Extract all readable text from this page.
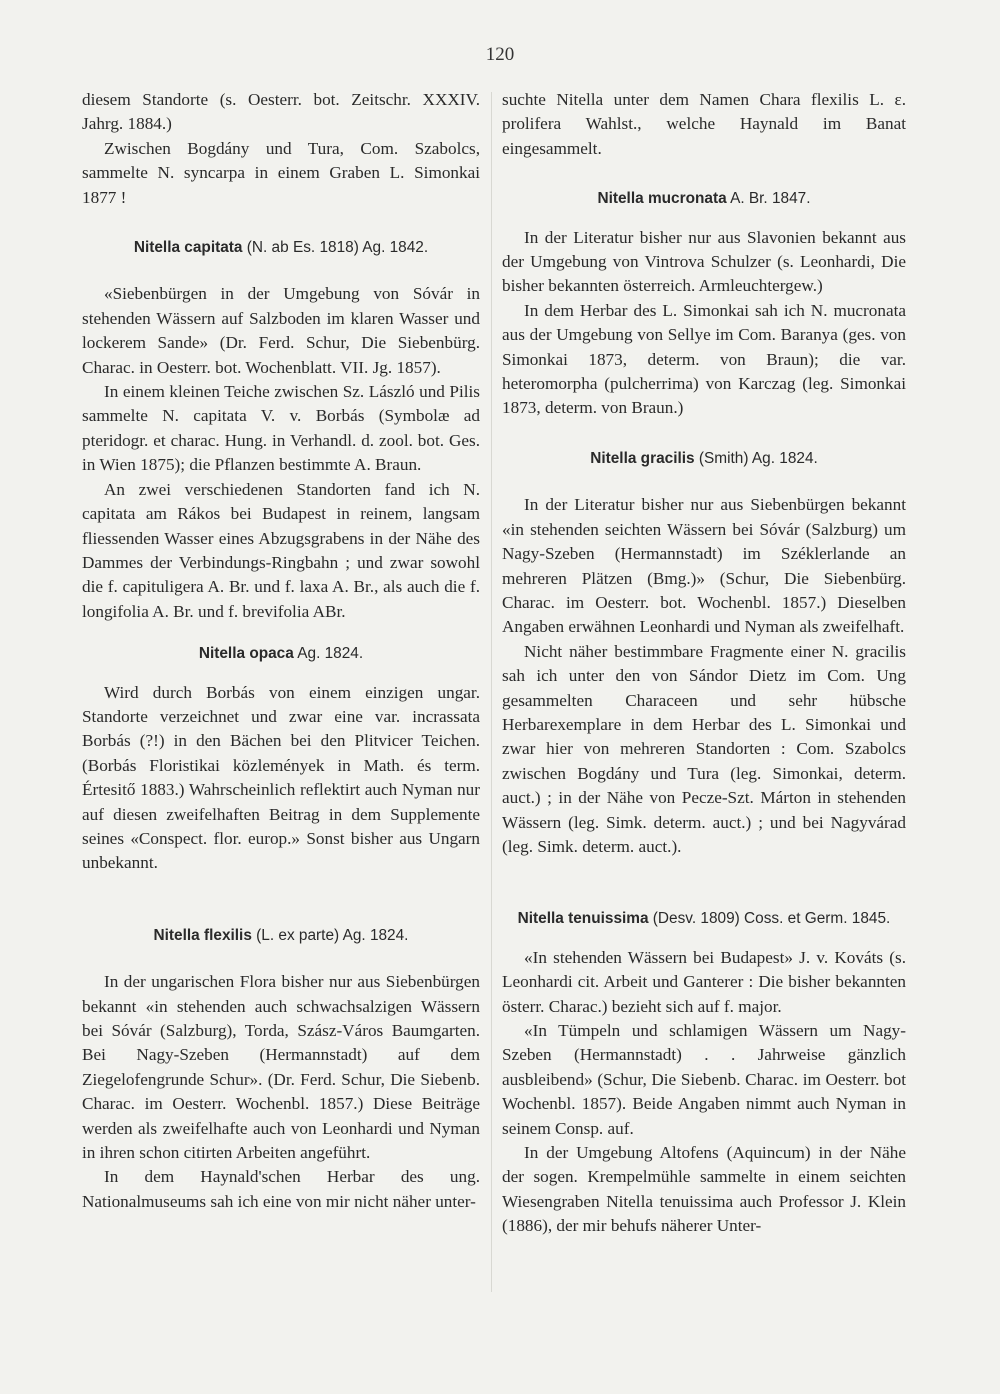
120

diesem Standorte (s. Oesterr. bot. Zeitschr. XXXIV. Jahrg. 1884.)

Zwischen Bogdány und Tura, Com. Szabolcs, sammelte N. syncarpa in einem Graben L. Simonkai 1877 !

Nitella capitata (N. ab Es. 1818) Ag. 1842.

«Siebenbürgen in der Umgebung von Sóvár in stehenden Wässern auf Salzboden im klaren Wasser und lockerem Sande» (Dr. Ferd. Schur, Die Siebenbürg. Charac. in Oesterr. bot. Wochenblatt. VII. Jg. 1857).

In einem kleinen Teiche zwischen Sz. László und Pilis sammelte N. capitata V. v. Borbás (Symbolæ ad pteridogr. et charac. Hung. in Verhandl. d. zool. bot. Ges. in Wien 1875); die Pflanzen bestimmte A. Braun.

An zwei verschiedenen Standorten fand ich N. capitata am Rákos bei Budapest in reinem, langsam fliessenden Wasser eines Abzugsgrabens in der Nähe des Dammes der Verbindungs-Ringbahn ; und zwar sowohl die f. capituligera A. Br. und f. laxa A. Br., als auch die f. longifolia A. Br. und f. brevifolia ABr.

Nitella opaca Ag. 1824.

Wird durch Borbás von einem einzigen ungar. Standorte verzeichnet und zwar eine var. incrassata Borbás (?!) in den Bächen bei den Plitvicer Teichen. (Borbás Floristikai közlemények in Math. és term. Értesitő 1883.) Wahrscheinlich reflektirt auch Nyman nur auf diesen zweifelhaften Beitrag in dem Supplemente seines «Conspect. flor. europ.» Sonst bisher aus Ungarn unbekannt.

Nitella flexilis (L. ex parte) Ag. 1824.

In der ungarischen Flora bisher nur aus Siebenbürgen bekannt «in stehenden auch schwachsalzigen Wässern bei Sóvár (Salzburg), Torda, Szász-Város Baumgarten. Bei Nagy-Szeben (Hermannstadt) auf dem Ziegelofengrunde Schur». (Dr. Ferd. Schur, Die Siebenb. Charac. im Oesterr. Wochenbl. 1857.) Diese Beiträge werden als zweifelhafte auch von Leonhardi und Nyman in ihren schon citirten Arbeiten angeführt.

In dem Haynald'schen Herbar des ung. Nationalmuseums sah ich eine von mir nicht näher unter-

suchte Nitella unter dem Namen Chara flexilis L. ε. prolifera Wahlst., welche Haynald im Banat eingesammelt.

Nitella mucronata A. Br. 1847.

In der Literatur bisher nur aus Slavonien bekannt aus der Umgebung von Vintrova Schulzer (s. Leonhardi, Die bisher bekannten österreich. Armleuchtergew.)

In dem Herbar des L. Simonkai sah ich N. mucronata aus der Umgebung von Sellye im Com. Baranya (ges. von Simonkai 1873, determ. von Braun); die var. heteromorpha (pulcherrima) von Karczag (leg. Simonkai 1873, determ. von Braun.)

Nitella gracilis (Smith) Ag. 1824.

In der Literatur bisher nur aus Siebenbürgen bekannt «in stehenden seichten Wässern bei Sóvár (Salzburg) um Nagy-Szeben (Hermannstadt) im Széklerlande an mehreren Plätzen (Bmg.)» (Schur, Die Siebenbürg. Charac. im Oesterr. bot. Wochenbl. 1857.) Dieselben Angaben erwähnen Leonhardi und Nyman als zweifelhaft.

Nicht näher bestimmbare Fragmente einer N. gracilis sah ich unter den von Sándor Dietz im Com. Ung gesammelten Characeen und sehr hübsche Herbarexemplare in dem Herbar des L. Simonkai und zwar hier von mehreren Standorten : Com. Szabolcs zwischen Bogdány und Tura (leg. Simonkai, determ. auct.) ; in der Nähe von Pecze-Szt. Márton in stehenden Wässern (leg. Simk. determ. auct.) ; und bei Nagyvárad (leg. Simk. determ. auct.).

Nitella tenuissima (Desv. 1809) Coss. et Germ. 1845.

«In stehenden Wässern bei Budapest» J. v. Kováts (s. Leonhardi cit. Arbeit und Ganterer : Die bisher bekannten österr. Charac.) bezieht sich auf f. major.

«In Tümpeln und schlamigen Wässern um Nagy-Szeben (Hermannstadt) . . Jahrweise gänzlich ausbleibend» (Schur, Die Siebenb. Charac. im Oesterr. bot Wochenbl. 1857). Beide Angaben nimmt auch Nyman in seinem Consp. auf.

In der Umgebung Altofens (Aquincum) in der Nähe der sogen. Krempelmühle sammelte in einem seichten Wiesengraben Nitella tenuissima auch Professor J. Klein (1886), der mir behufs näherer Unter-
